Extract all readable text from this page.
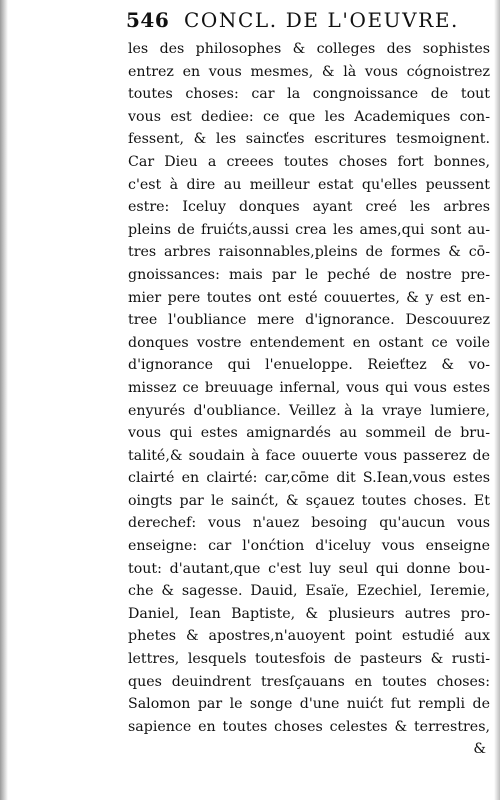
546 CONCL. DE L'OEUVRE.
les des philosophes & colleges des sophistes
entrez en vous mesmes, & là vous cógnoistrez
toutes choses: car la congnoissance de tout
vous est dediee: ce que les Academiques con-
fessent, & les saincťes escritures tesmoignent.
Car Dieu a creees toutes choses fort bonnes,
c'est à dire au meilleur estat qu'elles peussent
estre: Iceluy donques ayant creé les arbres
pleins de fruićts,aussi crea les ames,qui sont au-
tres arbres raisonnables,pleins de formes & cō-
gnoissances: mais par le peché de nostre pre-
mier pere toutes ont esté couuertes, & y est en-
tree l'oubliance mere d'ignorance. Descouurez
donques vostre entendement en ostant ce voile
d'ignorance qui l'enueloppe. Reieťtez & vo-
missez ce breuuage infernal, vous qui vous estes
enyurés d'oubliance. Veillez à la vraye lumiere,
vous qui estes amignardés au sommeil de bru-
talité,& soudain à face ouuerte vous passerez de
clairté en clairté: car,cōme dit S.Iean,vous estes
oingts par le sainćt, & sçauez toutes choses. Et
derechef: vous n'auez besoing qu'aucun vous
enseigne: car l'onćtion d'iceluy vous enseigne
tout: d'autant,que c'est luy seul qui donne bou-
che & sagesse. Dauid, Esaïe, Ezechiel, Ieremie,
Daniel, Iean Baptiste, & plusieurs autres pro-
phetes & apostres,n'auoyent point estudié aux
lettres, lesquels toutesfois de pasteurs & rusti-
ques deuindrent tresſçauans en toutes choses:
Salomon par le songe d'une nuićt fut rempli de
sapience en toutes choses celestes & terrestres,
&
